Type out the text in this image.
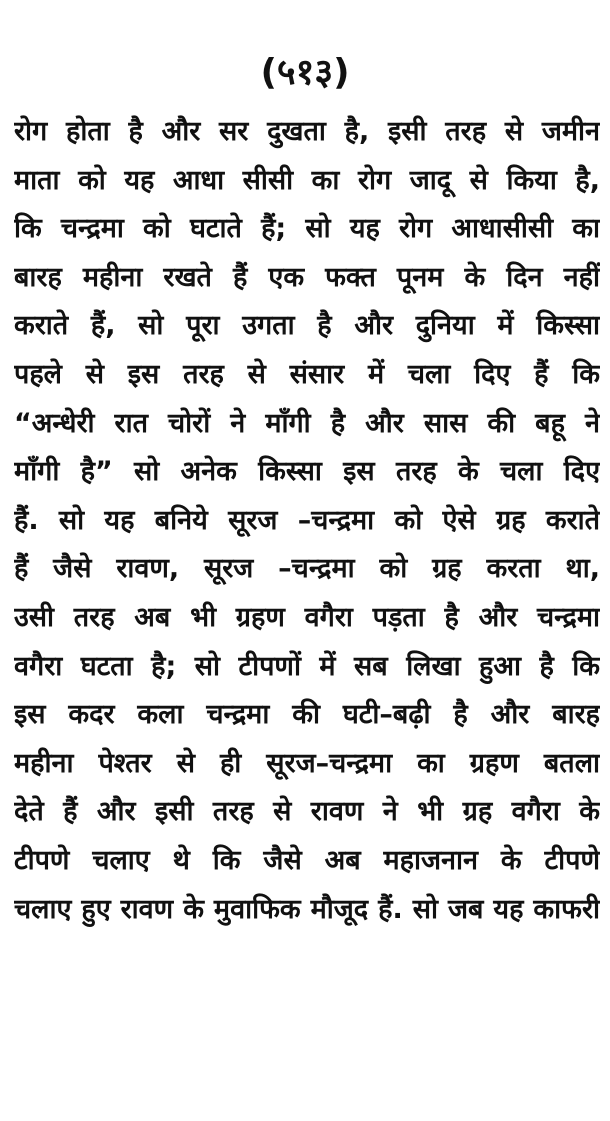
(५१३)
रोग होता है और सर दुखता है, इसी तरह से जमीन
माता को यह आधा सीसी का रोग जादू से किया है,
कि चन्द्रमा को घटाते हैं; सो यह रोग आधासीसी का
बारह महीना रखते हैं एक फक्त पूनम के दिन नहीं
कराते हैं, सो पूरा उगता है और दुनिया में किस्सा
पहले से इस तरह से संसार में चला दिए हैं कि
“अन्धेरी रात चोरों ने माँगी है और सास की बहू ने
माँगी है” सो अनेक किस्सा इस तरह के चला दिए
हैं. सो यह बनिये सूरज –चन्द्रमा को ऐसे ग्रह कराते
हैं जैसे रावण, सूरज –चन्द्रमा को ग्रह करता था,
उसी तरह अब भी ग्रहण वगैरा पड़ता है और चन्द्रमा
वगैरा घटता है; सो टीपणों में सब लिखा हुआ है कि
इस कदर कला चन्द्रमा की घटी–बढ़ी है और बारह
महीना पेश्तर से ही सूरज–चन्द्रमा का ग्रहण बतला
देते हैं और इसी तरह से रावण ने भी ग्रह वगैरा के
टीपणे चलाए थे कि जैसे अब महाजनान के टीपणे
चलाए हुए रावण के मुवाफिक मौजूद हैं. सो जब यह काफरी
